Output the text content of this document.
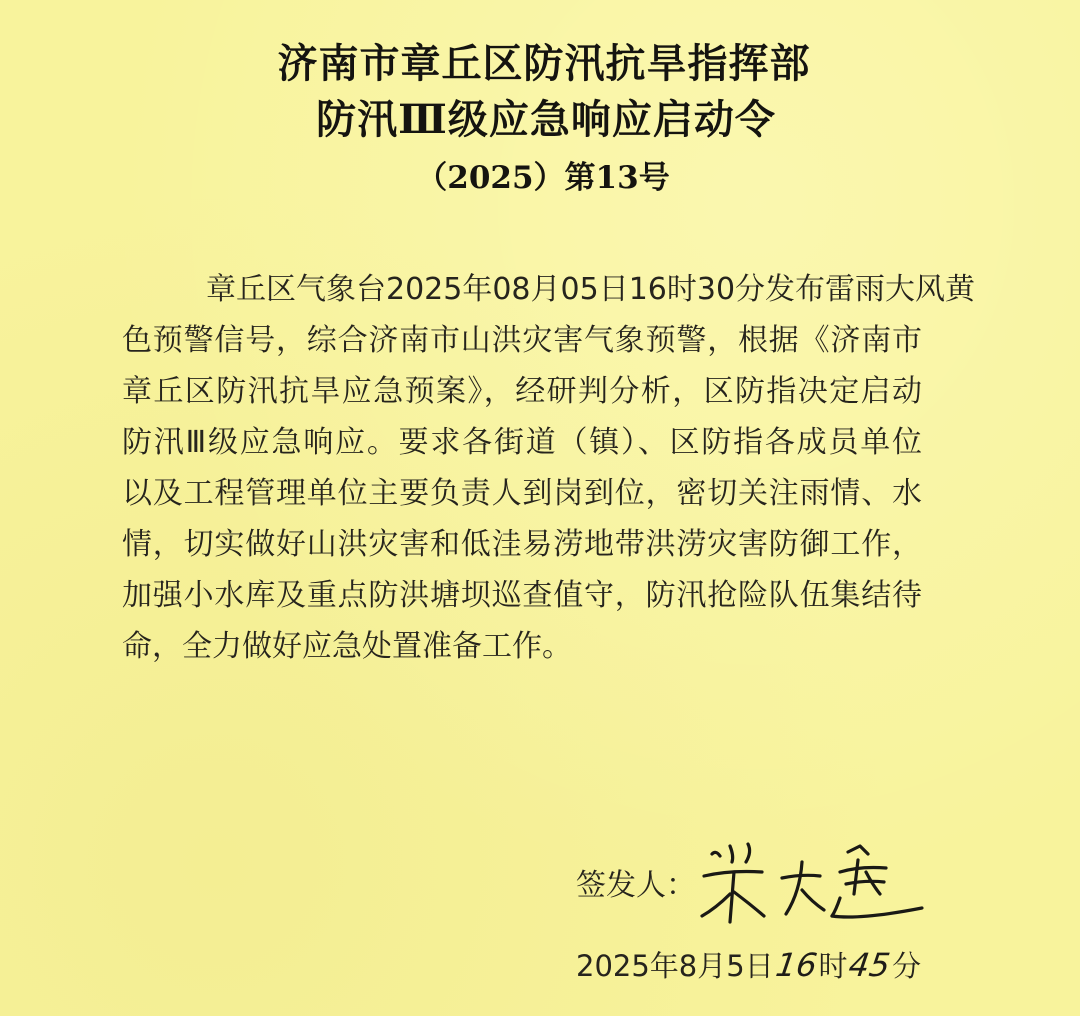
济南市章丘区防汛抗旱指挥部
防汛Ⅲ级应急响应启动令
（2025）第13号
章丘区气象台2025年08月05日16时30分发布雷雨大风黄
色预警信号，综合济南市山洪灾害气象预警，根据《济南市
章丘区防汛抗旱应急预案》，经研判分析，区防指决定启动
防汛Ⅲ级应急响应。要求各街道（镇）、区防指各成员单位
以及工程管理单位主要负责人到岗到位，密切关注雨情、水
情，切实做好山洪灾害和低洼易涝地带洪涝灾害防御工作，
加强小水库及重点防洪塘坝巡查值守，防汛抢险队伍集结待
命，全力做好应急处置准备工作。
签发人：
2025年8月5日16时45分
